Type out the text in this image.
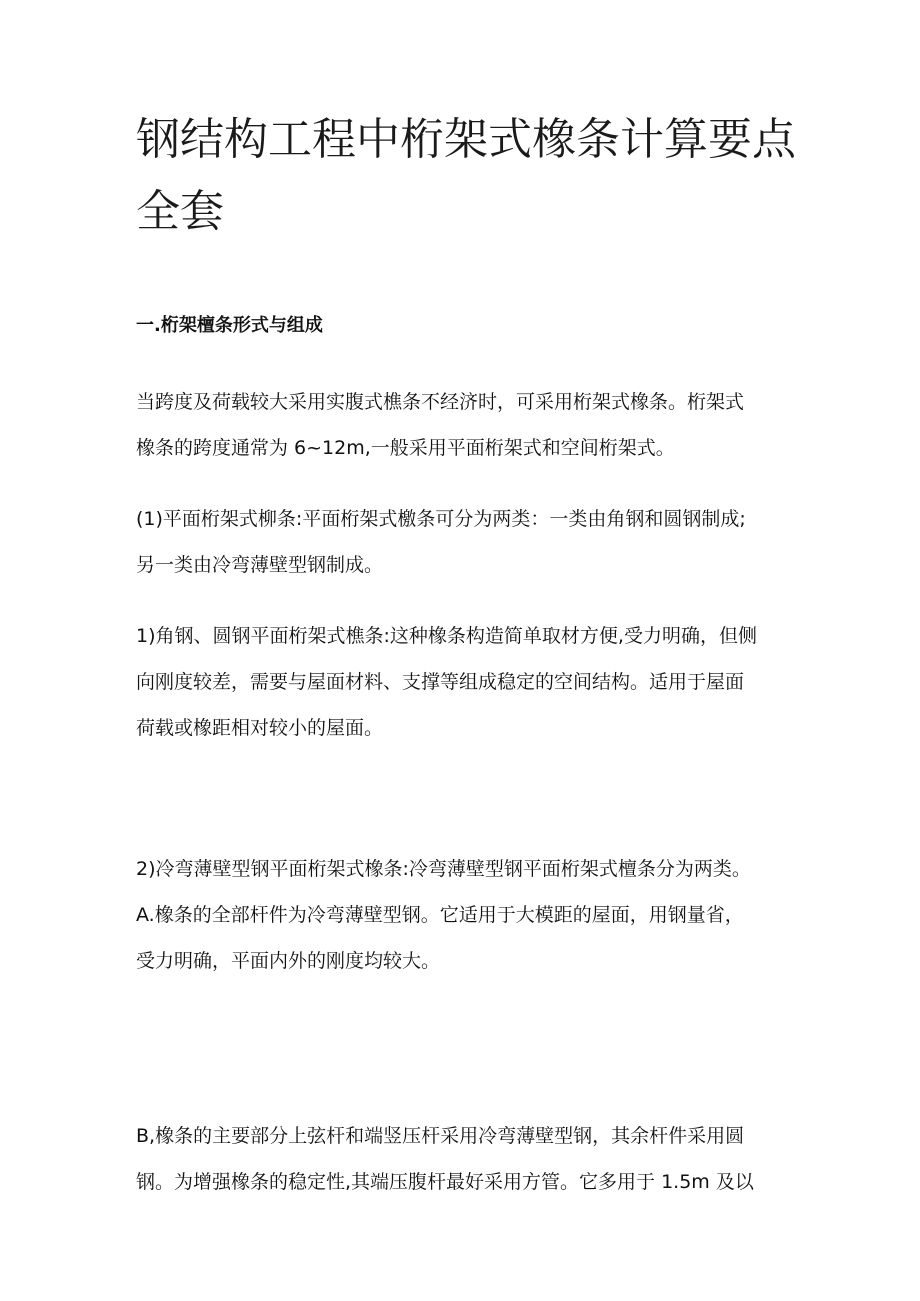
钢结构工程中桁架式橡条计算要点
全套
一.桁架檀条形式与组成
当跨度及荷载较大采用实腹式樵条不经济时，可采用桁架式橡条。桁架式
橡条的跨度通常为 6~12m,一般采用平面桁架式和空间桁架式。
(1)平面桁架式柳条:平面桁架式檄条可分为两类：一类由角钢和圆钢制成;
另一类由冷弯薄壁型钢制成。
1)角钢、圆钢平面桁架式樵条:这种橡条构造简单取材方便,受力明确，但侧
向刚度较差，需要与屋面材料、支撑等组成稳定的空间结构。适用于屋面
荷载或橡距相对较小的屋面。
2)冷弯薄壁型钢平面桁架式橡条:冷弯薄壁型钢平面桁架式檀条分为两类。
A.橡条的全部杆件为冷弯薄壁型钢。它适用于大模距的屋面，用钢量省，
受力明确，平面内外的刚度均较大。
B,橡条的主要部分上弦杆和端竖压杆采用冷弯薄壁型钢，其余杆件采用圆
钢。为增强橡条的稳定性,其端压腹杆最好采用方管。它多用于 1.5m 及以
